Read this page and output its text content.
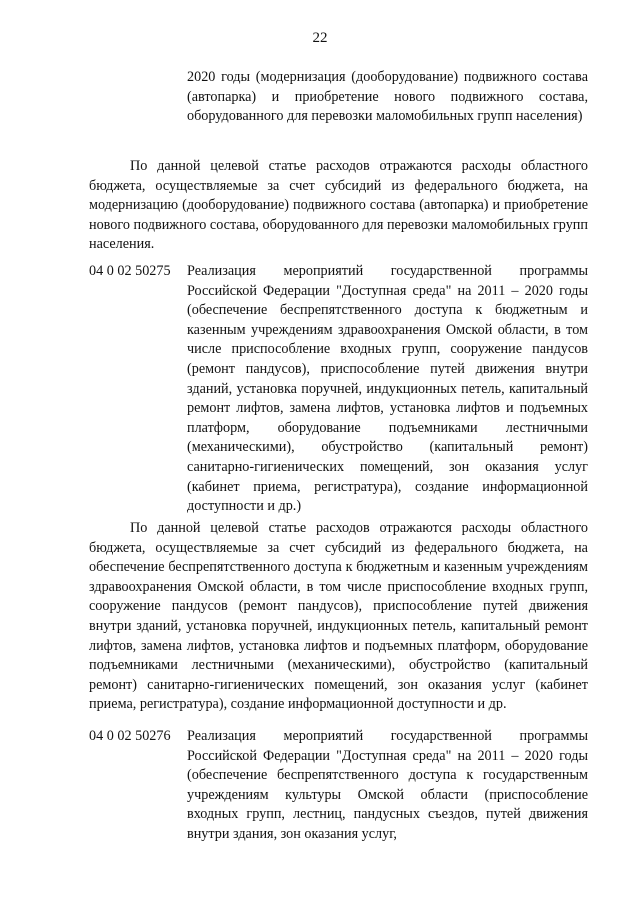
22
2020 годы (модернизация (дооборудование) подвижного состава (автопарка) и приобретение нового подвижного состава, оборудованного для перевозки маломобильных групп населения)
По данной целевой статье расходов отражаются расходы областного бюджета, осуществляемые за счет субсидий из федерального бюджета, на модернизацию (дооборудование) подвижного состава (автопарка) и приобретение нового подвижного состава, оборудованного для перевозки маломобильных групп населения.
04 0 02 50275 Реализация мероприятий государственной программы Российской Федерации "Доступная среда" на 2011 – 2020 годы (обеспечение беспрепятственного доступа к бюджетным и казенным учреждениям здравоохранения Омской области, в том числе приспособление входных групп, сооружение пандусов (ремонт пандусов), приспособление путей движения внутри зданий, установка поручней, индукционных петель, капитальный ремонт лифтов, замена лифтов, установка лифтов и подъемных платформ, оборудование подъемниками лестничными (механическими), обустройство (капитальный ремонт) санитарно-гигиенических помещений, зон оказания услуг (кабинет приема, регистратура), создание информационной доступности и др.)
По данной целевой статье расходов отражаются расходы областного бюджета, осуществляемые за счет субсидий из федерального бюджета, на обеспечение беспрепятственного доступа к бюджетным и казенным учреждениям здравоохранения Омской области, в том числе приспособление входных групп, сооружение пандусов (ремонт пандусов), приспособление путей движения внутри зданий, установка поручней, индукционных петель, капитальный ремонт лифтов, замена лифтов, установка лифтов и подъемных платформ, оборудование подъемниками лестничными (механическими), обустройство (капитальный ремонт) санитарно-гигиенических помещений, зон оказания услуг (кабинет приема, регистратура), создание информационной доступности и др.
04 0 02 50276 Реализация мероприятий государственной программы Российской Федерации "Доступная среда" на 2011 – 2020 годы (обеспечение беспрепятственного доступа к государственным учреждениям культуры Омской области (приспособление входных групп, лестниц, пандусных съездов, путей движения внутри здания, зон оказания услуг,
